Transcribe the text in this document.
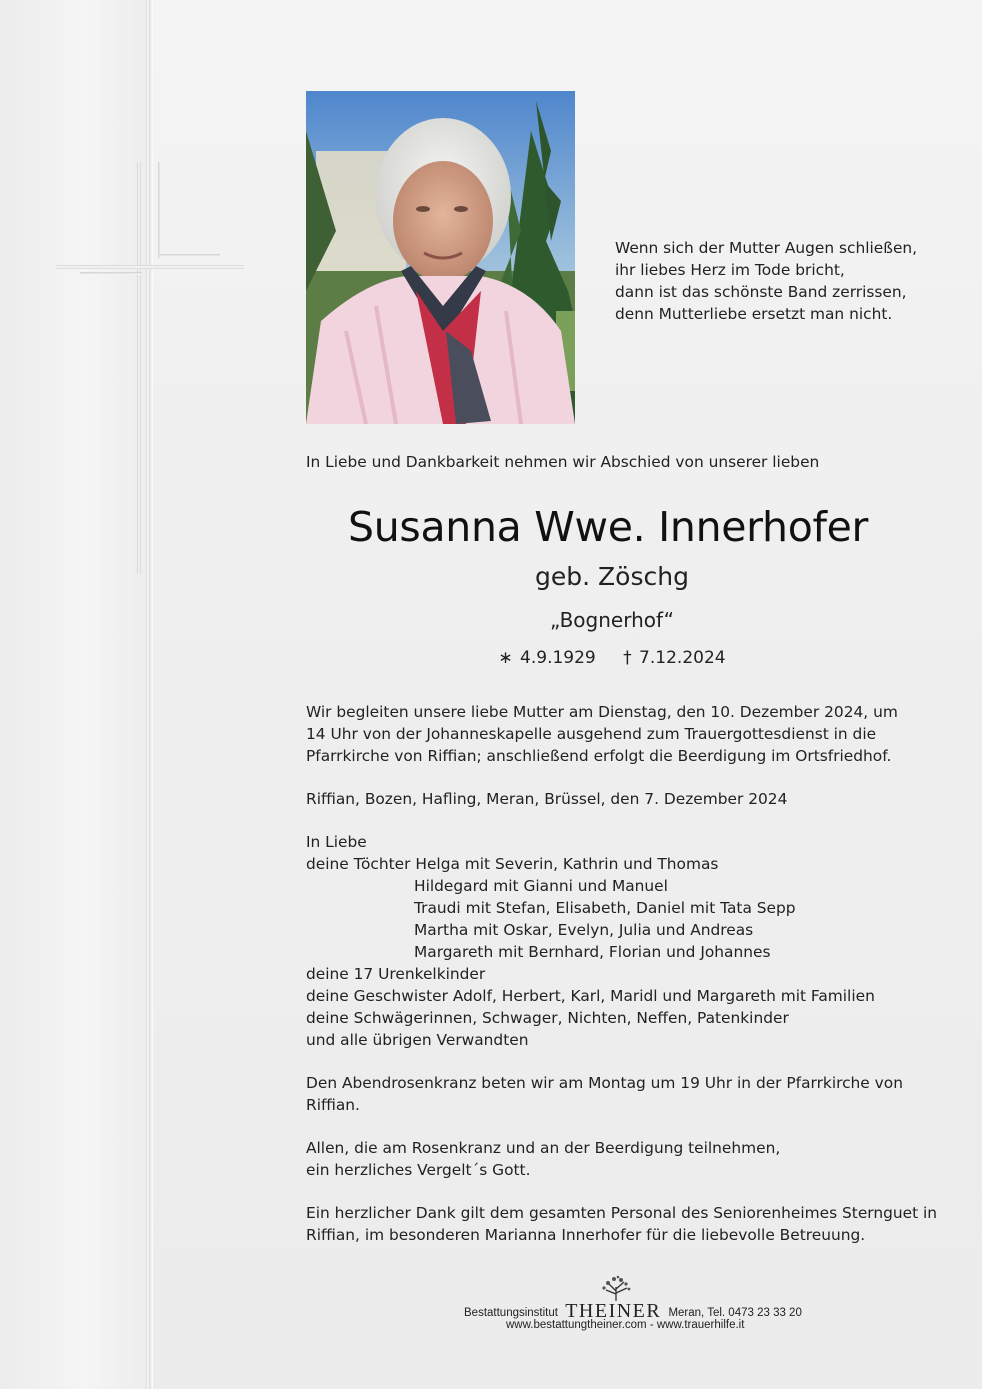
Wenn sich der Mutter Augen schließen,
ihr liebes Herz im Tode bricht,
dann ist das schönste Band zerrissen,
denn Mutterliebe ersetzt man nicht.
In Liebe und Dankbarkeit nehmen wir Abschied von unserer lieben
Susanna Wwe. Innerhofer
geb. Zöschg
„Bognerhof“
∗ 4.9.1929 † 7.12.2024
Wir begleiten unsere liebe Mutter am Dienstag, den 10. Dezember 2024, um
14 Uhr von der Johanneskapelle ausgehend zum Trauergottesdienst in die
Pfarrkirche von Riffian; anschließend erfolgt die Beerdigung im Ortsfriedhof.
Riffian, Bozen, Hafling, Meran, Brüssel, den 7. Dezember 2024
In Liebe
deine Töchter Helga mit Severin, Kathrin und Thomas
Hildegard mit Gianni und Manuel
Traudi mit Stefan, Elisabeth, Daniel mit Tata Sepp
Martha mit Oskar, Evelyn, Julia und Andreas
Margareth mit Bernhard, Florian und Johannes
deine 17 Urenkelkinder
deine Geschwister Adolf, Herbert, Karl, Maridl und Margareth mit Familien
deine Schwägerinnen, Schwager, Nichten, Neffen, Patenkinder
und alle übrigen Verwandten
Den Abendrosenkranz beten wir am Montag um 19 Uhr in der Pfarrkirche von
Riffian.
Allen, die am Rosenkranz und an der Beerdigung teilnehmen,
ein herzliches Vergelt´s Gott.
Ein herzlicher Dank gilt dem gesamten Personal des Seniorenheimes Sternguet in
Riffian, im besonderen Marianna Innerhofer für die liebevolle Betreuung.
Bestattungsinstitut THEINER Meran, Tel. 0473 23 33 20
www.bestattungtheiner.com - www.trauerhilfe.it
